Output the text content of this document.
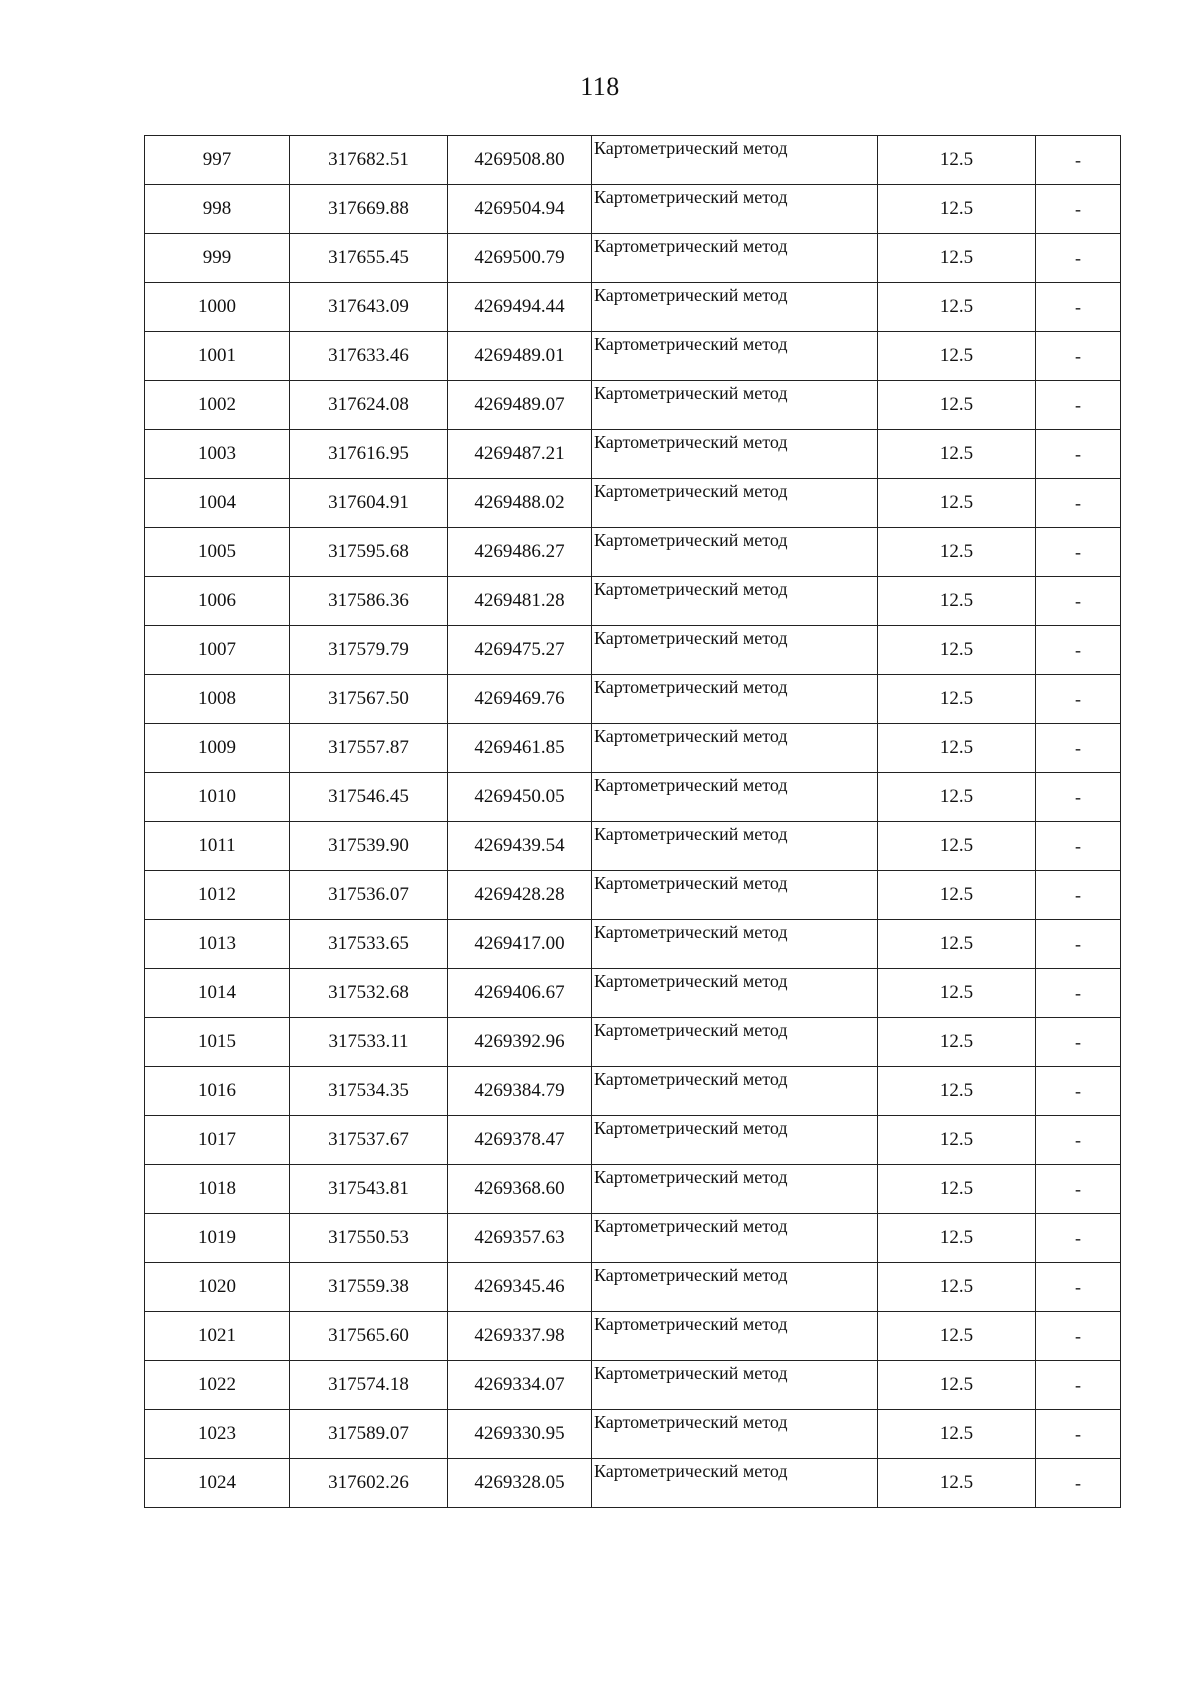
118
997	317682.51	4269508.80	Картометрический метод	12.5	-
998	317669.88	4269504.94	Картометрический метод	12.5	-
999	317655.45	4269500.79	Картометрический метод	12.5	-
1000	317643.09	4269494.44	Картометрический метод	12.5	-
1001	317633.46	4269489.01	Картометрический метод	12.5	-
1002	317624.08	4269489.07	Картометрический метод	12.5	-
1003	317616.95	4269487.21	Картометрический метод	12.5	-
1004	317604.91	4269488.02	Картометрический метод	12.5	-
1005	317595.68	4269486.27	Картометрический метод	12.5	-
1006	317586.36	4269481.28	Картометрический метод	12.5	-
1007	317579.79	4269475.27	Картометрический метод	12.5	-
1008	317567.50	4269469.76	Картометрический метод	12.5	-
1009	317557.87	4269461.85	Картометрический метод	12.5	-
1010	317546.45	4269450.05	Картометрический метод	12.5	-
1011	317539.90	4269439.54	Картометрический метод	12.5	-
1012	317536.07	4269428.28	Картометрический метод	12.5	-
1013	317533.65	4269417.00	Картометрический метод	12.5	-
1014	317532.68	4269406.67	Картометрический метод	12.5	-
1015	317533.11	4269392.96	Картометрический метод	12.5	-
1016	317534.35	4269384.79	Картометрический метод	12.5	-
1017	317537.67	4269378.47	Картометрический метод	12.5	-
1018	317543.81	4269368.60	Картометрический метод	12.5	-
1019	317550.53	4269357.63	Картометрический метод	12.5	-
1020	317559.38	4269345.46	Картометрический метод	12.5	-
1021	317565.60	4269337.98	Картометрический метод	12.5	-
1022	317574.18	4269334.07	Картометрический метод	12.5	-
1023	317589.07	4269330.95	Картометрический метод	12.5	-
1024	317602.26	4269328.05	Картометрический метод	12.5	-
